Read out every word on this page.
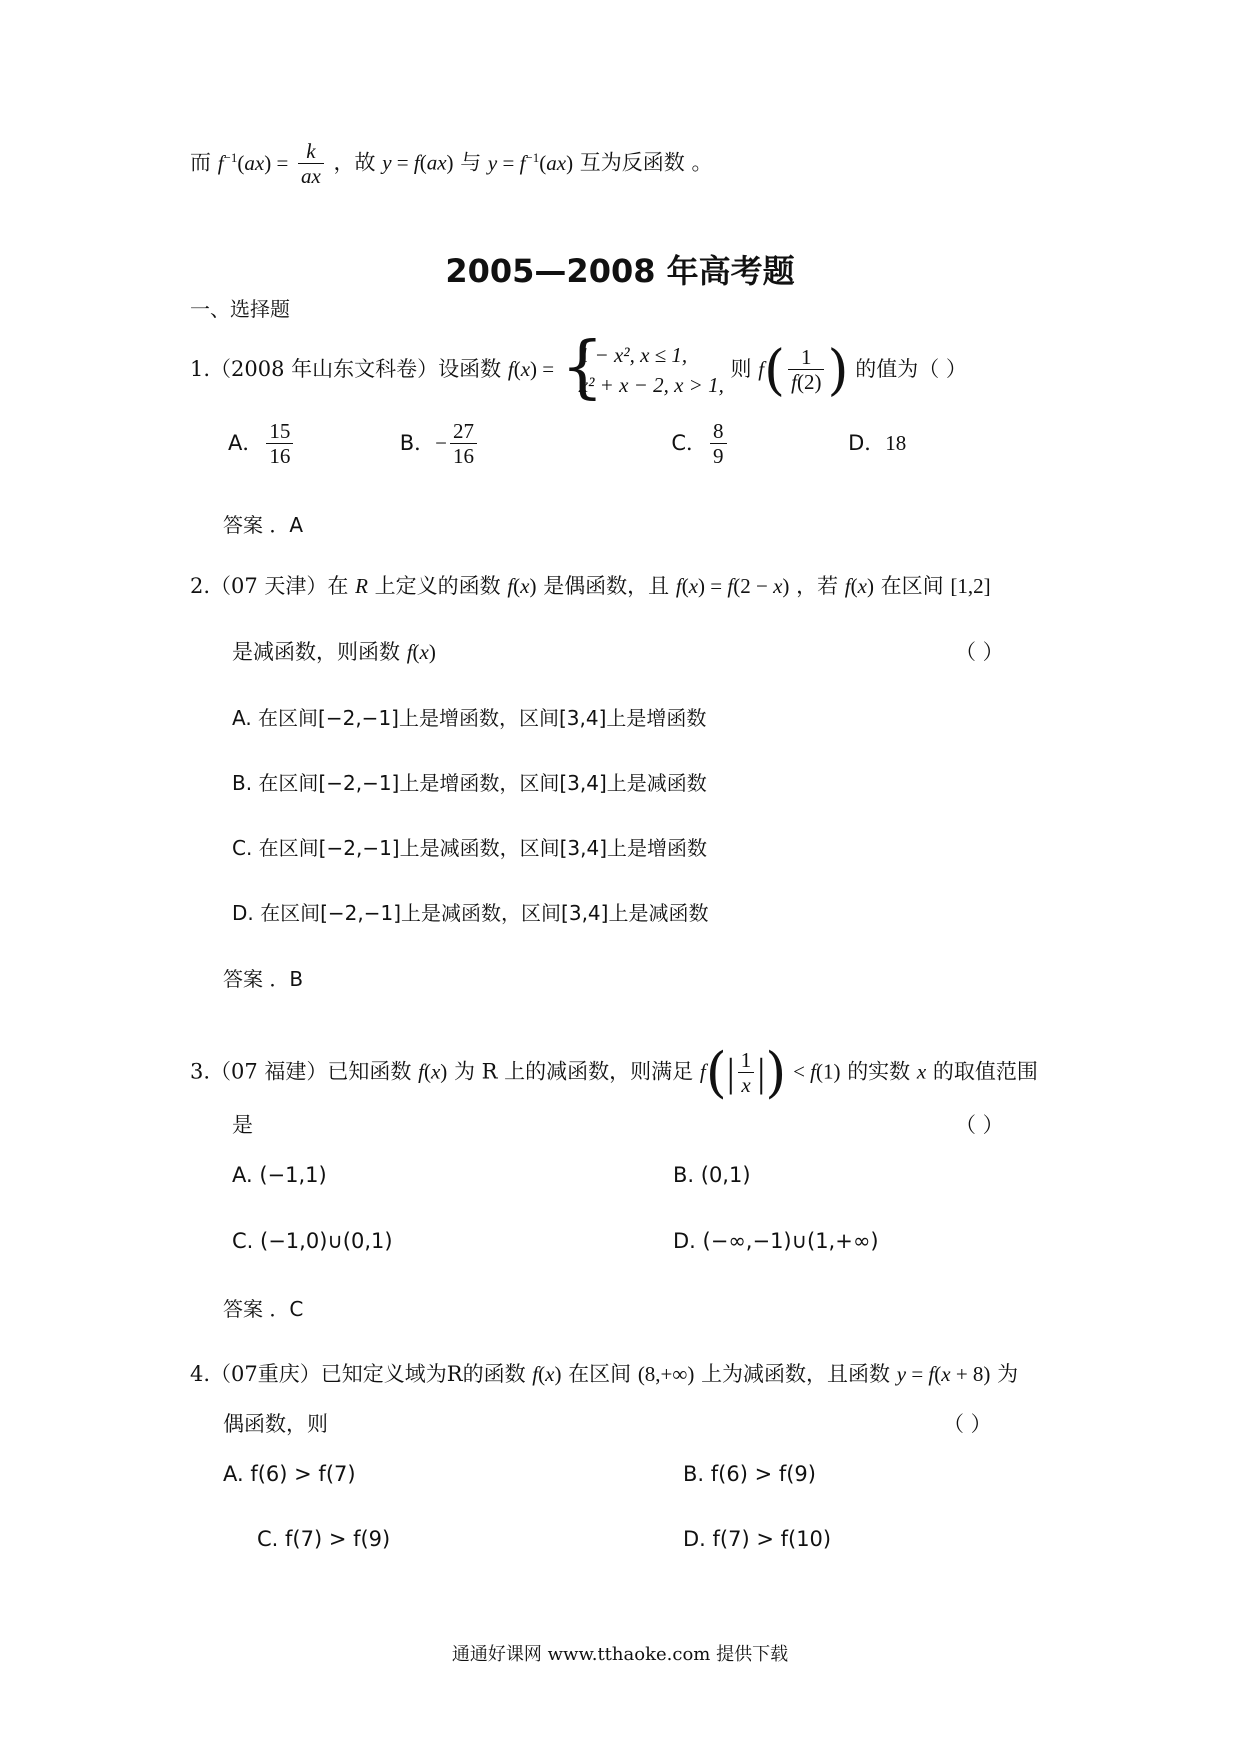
而 $f^{-1}(ax) = \frac{k}{ax}$ ，故 y = f(ax) 与 $y = f^{-1}(ax)$ 互为反函数 。
2005—2008 年高考题
一、选择题
1.（2008 年山东文科卷）设函数 f(x) = {
1 − x², x ≤ 1,
x² + x − 2, x > 1,
则 $f( \frac{1}{f(2)}$ ) 的值为（ ）
A． $\frac{15}{16}$	B．− $\frac{27}{16}$	C． $\frac{8}{9}$	D．18
答案 ．A
2.（07 天津）在 R 上定义的函数 f(x) 是偶函数，且 f(x) = f(2 − x) ，若 f(x) 在区间 [1,2]
是减函数，则函数 f(x)	（ ）
A. 在区间[−2,−1]上是增函数，区间[3,4]上是增函数
B. 在区间[−2,−1]上是增函数，区间[3,4]上是减函数
C. 在区间[−2,−1]上是减函数，区间[3,4]上是增函数
D. 在区间[−2,−1]上是减函数，区间[3,4]上是减函数
答案 ．B
3.（07 福建）已知函数 f(x) 为 R 上的减函数，则满足 $f(| \frac{1}{x}$ |) < f(1) 的实数 x 的取值范围
是	（ ）
A. (−1,1)	B. (0,1)
C. (−1,0)∪(0,1)	D. (−∞,−1)∪(1,+∞)
答案 ．C
4.（07重庆）已知定义域为R的函数 f(x) 在区间 (8,+∞) 上为减函数，且函数 y = f(x + 8) 为
偶函数，则	（ ）
A. f(6) > f(7)	B. f(6) > f(9)
C. f(7) > f(9)	D. f(7) > f(10)
通通好课网 www.tthaoke.com 提供下载
